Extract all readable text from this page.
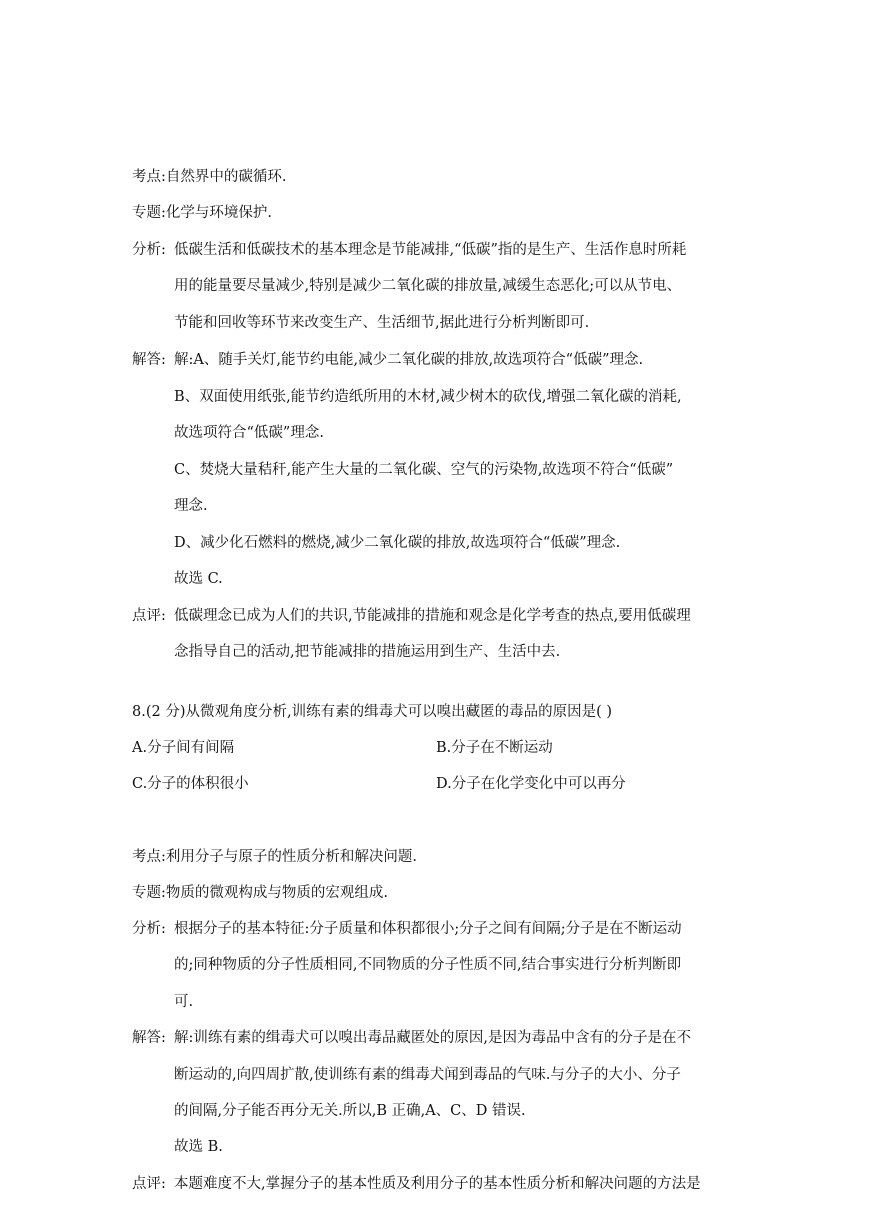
考点:自然界中的碳循环.
专题:化学与环境保护.
分析: 低碳生活和低碳技术的基本理念是节能减排,“低碳”指的是生产、生活作息时所耗
用的能量要尽量减少,特别是减少二氧化碳的排放量,减缓生态恶化;可以从节电、
节能和回收等环节来改变生产、生活细节,据此进行分析判断即可.
解答: 解:A、随手关灯,能节约电能,减少二氧化碳的排放,故选项符合“低碳”理念.
B、双面使用纸张,能节约造纸所用的木材,减少树木的砍伐,增强二氧化碳的消耗,
故选项符合“低碳”理念.
C、焚烧大量秸秆,能产生大量的二氧化碳、空气的污染物,故选项不符合“低碳”
理念.
D、减少化石燃料的燃烧,减少二氧化碳的排放,故选项符合“低碳”理念.
故选 C.
点评: 低碳理念已成为人们的共识,节能减排的措施和观念是化学考查的热点,要用低碳理
念指导自己的活动,把节能减排的措施运用到生产、生活中去.
8.(2 分)从微观角度分析,训练有素的缉毒犬可以嗅出藏匿的毒品的原因是( )
A.分子间有间隔	B.分子在不断运动
C.分子的体积很小	D.分子在化学变化中可以再分
考点:利用分子与原子的性质分析和解决问题.
专题:物质的微观构成与物质的宏观组成.
分析: 根据分子的基本特征:分子质量和体积都很小;分子之间有间隔;分子是在不断运动
的;同种物质的分子性质相同,不同物质的分子性质不同,结合事实进行分析判断即
可.
解答: 解:训练有素的缉毒犬可以嗅出毒品藏匿处的原因,是因为毒品中含有的分子是在不
断运动的,向四周扩散,使训练有素的缉毒犬闻到毒品的气味.与分子的大小、分子
的间隔,分子能否再分无关.所以,B 正确,A、C、D 错误.
故选 B.
点评: 本题难度不大,掌握分子的基本性质及利用分子的基本性质分析和解决问题的方法是
